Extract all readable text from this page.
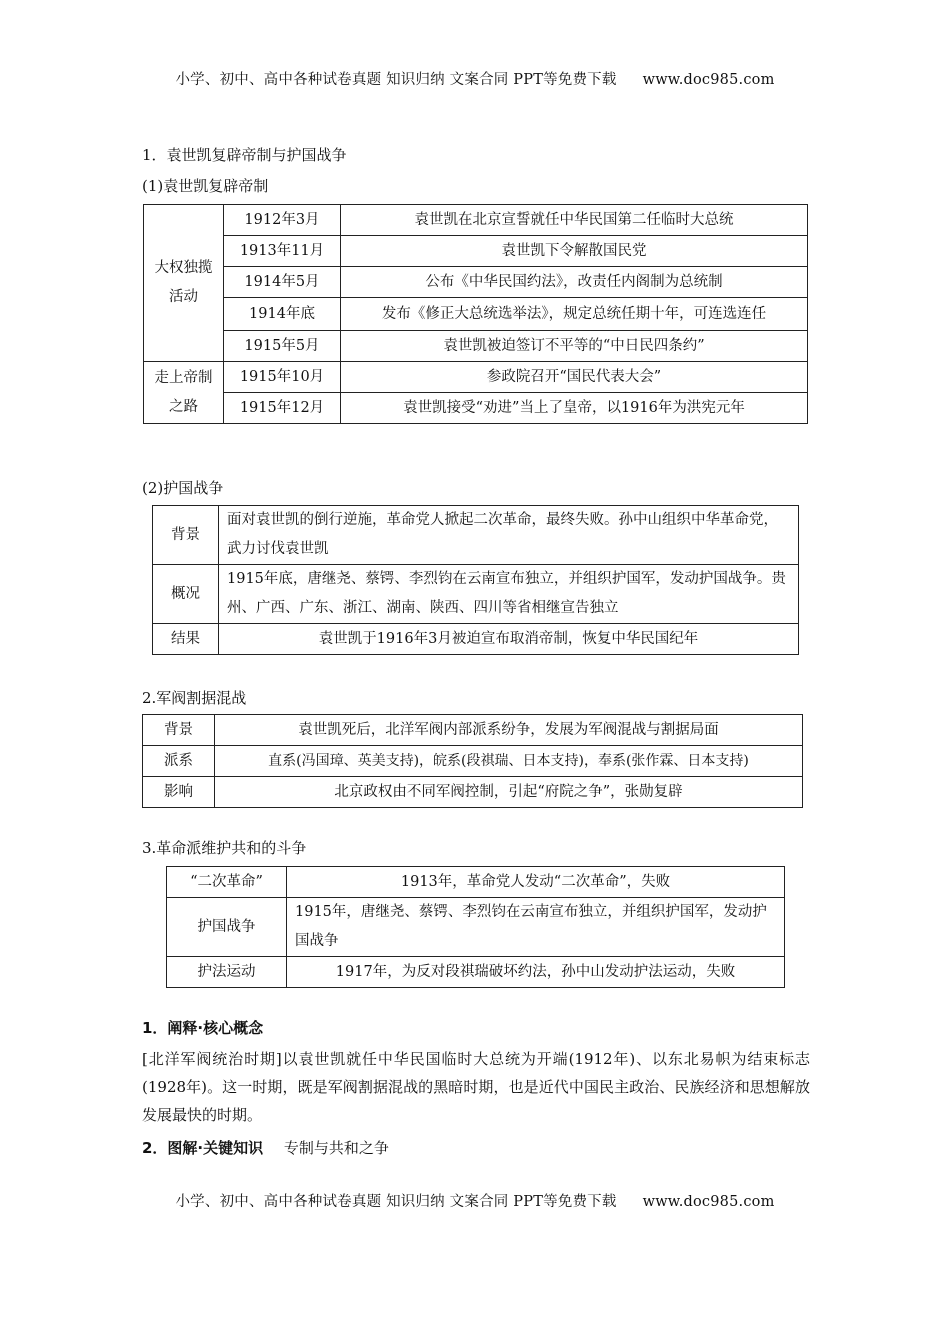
小学、初中、高中各种试卷真题 知识归纳 文案合同 PPT等免费下载 www.doc985.com
1．袁世凯复辟帝制与护国战争
(1)袁世凯复辟帝制
大权独揽活动	1912年3月	袁世凯在北京宣誓就任中华民国第二任临时大总统
	1913年11月	袁世凯下令解散国民党
	1914年5月	公布《中华民国约法》，改责任内阁制为总统制
	1914年底	发布《修正大总统选举法》，规定总统任期十年，可连选连任
	1915年5月	袁世凯被迫签订不平等的“中日民四条约”
走上帝制之路	1915年10月	参政院召开“国民代表大会”
	1915年12月	袁世凯接受“劝进”当上了皇帝，以1916年为洪宪元年
(2)护国战争
背景	面对袁世凯的倒行逆施，革命党人掀起二次革命，最终失败。孙中山组织中华革命党，武力讨伐袁世凯
概况	1915年底，唐继尧、蔡锷、李烈钧在云南宣布独立，并组织护国军，发动护国战争。贵州、广西、广东、浙江、湖南、陕西、四川等省相继宣告独立
结果	袁世凯于1916年3月被迫宣布取消帝制，恢复中华民国纪年
2.军阀割据混战
背景	袁世凯死后，北洋军阀内部派系纷争，发展为军阀混战与割据局面
派系	直系(冯国璋、英美支持)，皖系(段祺瑞、日本支持)，奉系(张作霖、日本支持)
影响	北京政权由不同军阀控制，引起“府院之争”，张勋复辟
3.革命派维护共和的斗争
“二次革命”	1913年，革命党人发动“二次革命”，失败
护国战争	1915年，唐继尧、蔡锷、李烈钧在云南宣布独立，并组织护国军，发动护国战争
护法运动	1917年，为反对段祺瑞破坏约法，孙中山发动护法运动，失败
1．阐释·核心概念
[北洋军阀统治时期]以袁世凯就任中华民国临时大总统为开端(1912年)、以东北易帜为结束标志(1928年)。这一时期，既是军阀割据混战的黑暗时期，也是近代中国民主政治、民族经济和思想解放发展最快的时期。
2．图解·关键知识 专制与共和之争
小学、初中、高中各种试卷真题 知识归纳 文案合同 PPT等免费下载 www.doc985.com
